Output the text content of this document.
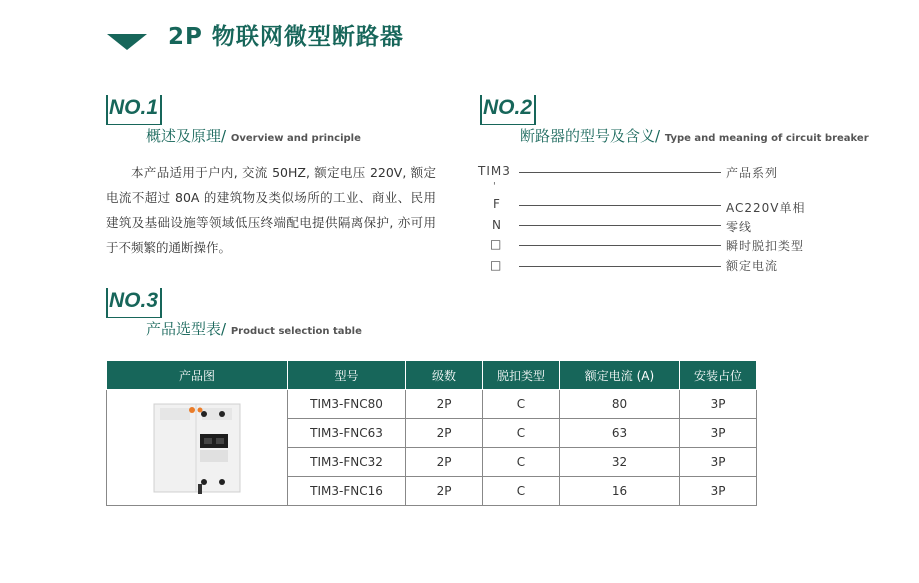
2P 物联网微型断路器
NO.1
概述及原理/ Overview and principle
本产品适用于户内, 交流 50HZ, 额定电压 220V, 额定电流不超过 80A 的建筑物及类似场所的工业、商业、民用建筑及基础设施等领域低压终端配电提供隔离保护, 亦可用于不频繁的通断操作。
NO.2
断路器的型号及含义/ Type and meaning of circuit breaker
TIM3	产品系列
'
F	AC220V单相
N	零线
□	瞬时脱扣类型
□	额定电流
NO.3
产品选型表/ Product selection table
产品图	型号	级数	脱扣类型	额定电流 (A)	安装占位

	TIM3-FNC80	2P	C	80	3P
	TIM3-FNC63	2P	C	63	3P
	TIM3-FNC32	2P	C	32	3P
	TIM3-FNC16	2P	C	16	3P
